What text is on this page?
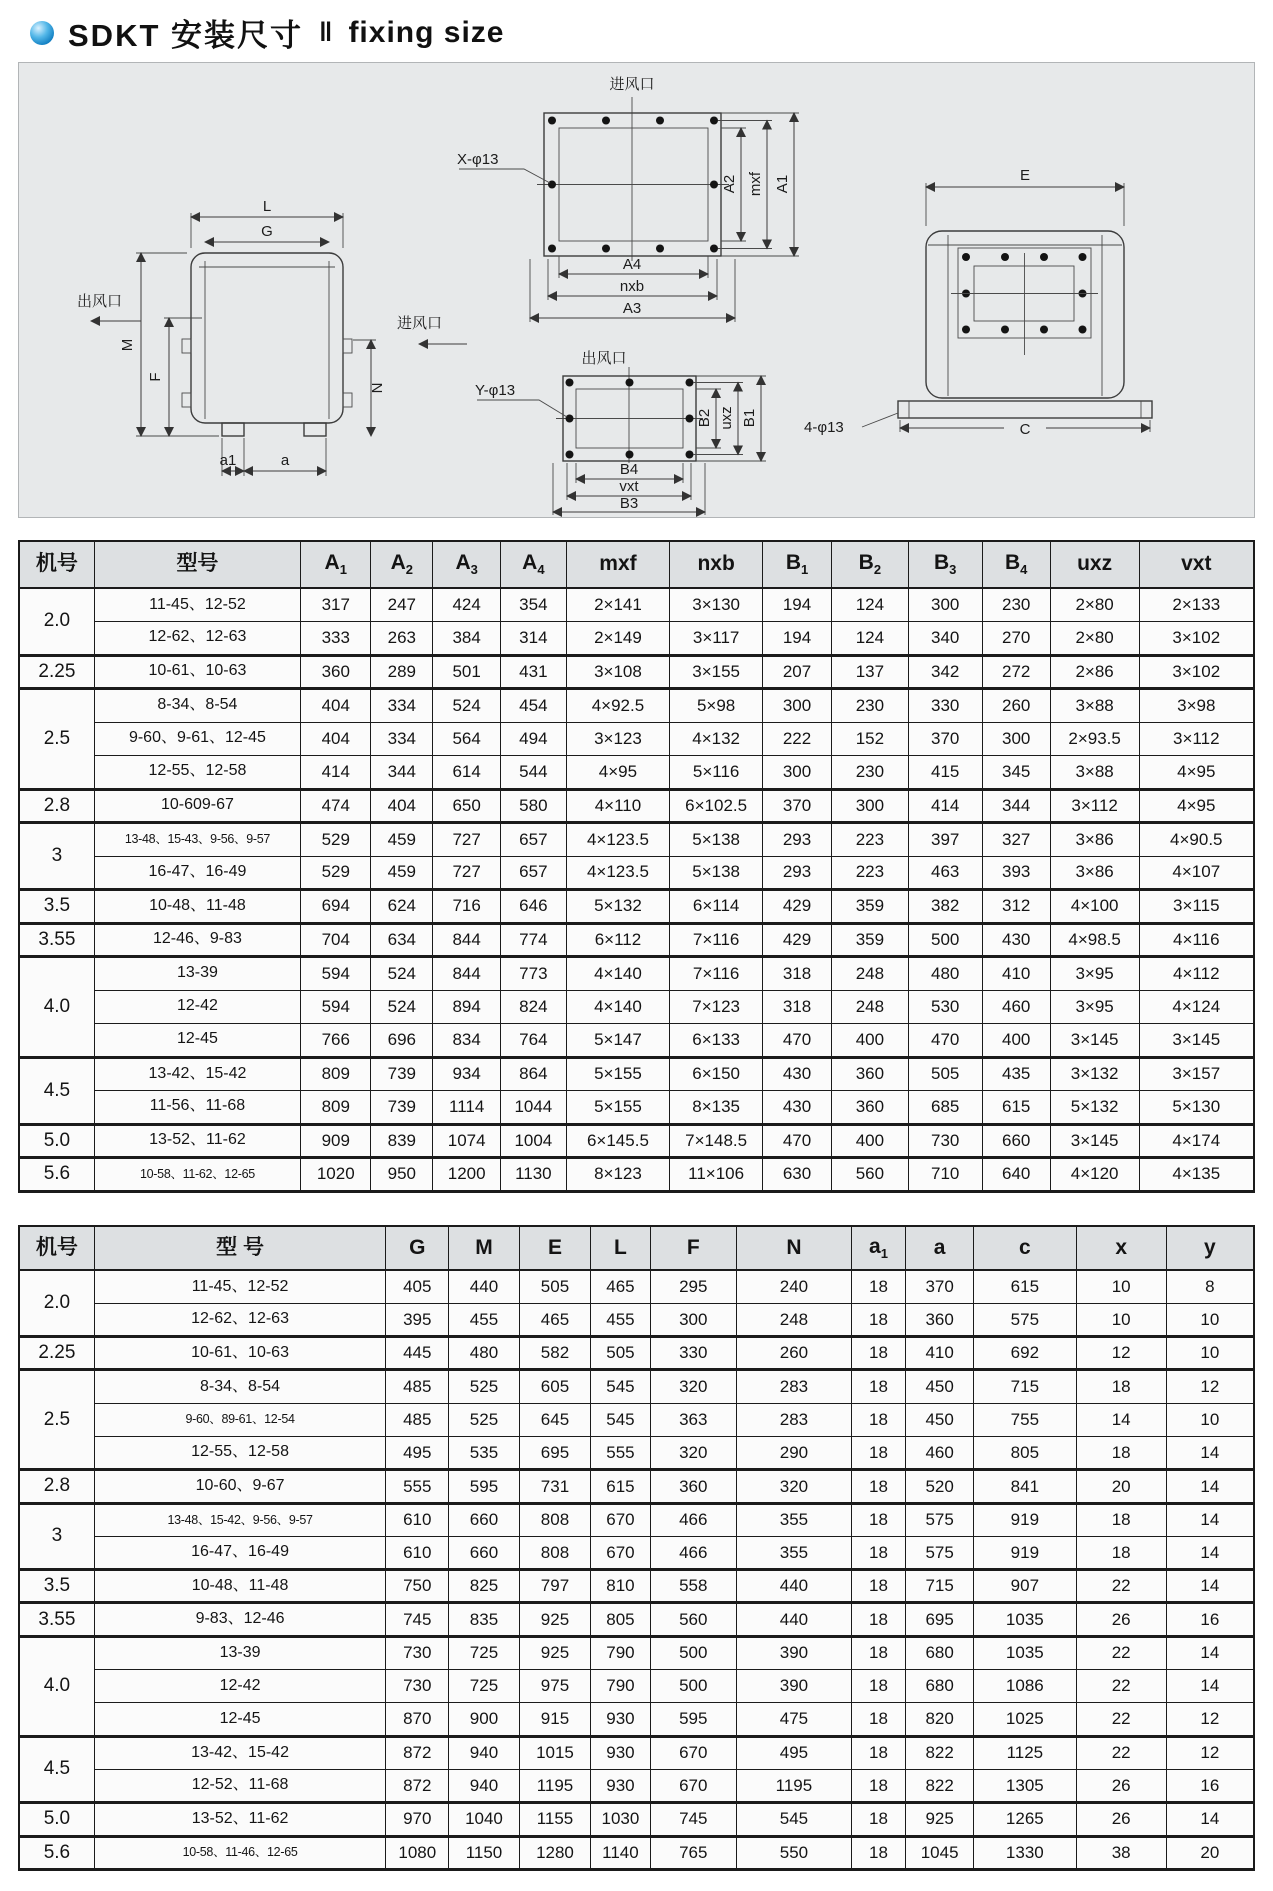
SDKT 安装尺寸 ‖ fixing size
L
G
M
F
N
出风口
进风口
a1	a
进风口
X-φ13
A2 mxf A1
A4
nxb
A3
出风口
Y-φ13
B2 uxz B1
B4
vxt
B3
E
C
4-φ13
机号	型号	$A_1$	$A_2$	$A_3$	$A_4$	mxf	nxb	$B_1$	$B_2$	$B_3$	$B_4$	uxz	vxt
2.0	11-45、12-52	317	247	424	354	2×141	3×130	194	124	300	230	2×80	2×133
	12-62、12-63	333	263	384	314	2×149	3×117	194	124	340	270	2×80	3×102
2.25	10-61、10-63	360	289	501	431	3×108	3×155	207	137	342	272	2×86	3×102
2.5	8-34、8-54	404	334	524	454	4×92.5	5×98	300	230	330	260	3×88	3×98
	9-60、9-61、12-45	404	334	564	494	3×123	4×132	222	152	370	300	2×93.5	3×112
	12-55、12-58	414	344	614	544	4×95	5×116	300	230	415	345	3×88	4×95
2.8	10-609-67	474	404	650	580	4×110	6×102.5	370	300	414	344	3×112	4×95
3	13-48、15-43、9-56、9-57	529	459	727	657	4×123.5	5×138	293	223	397	327	3×86	4×90.5
	16-47、16-49	529	459	727	657	4×123.5	5×138	293	223	463	393	3×86	4×107
3.5	10-48、11-48	694	624	716	646	5×132	6×114	429	359	382	312	4×100	3×115
3.55	12-46、9-83	704	634	844	774	6×112	7×116	429	359	500	430	4×98.5	4×116
4.0	13-39	594	524	844	773	4×140	7×116	318	248	480	410	3×95	4×112
	12-42	594	524	894	824	4×140	7×123	318	248	530	460	3×95	4×124
	12-45	766	696	834	764	5×147	6×133	470	400	470	400	3×145	3×145
4.5	13-42、15-42	809	739	934	864	5×155	6×150	430	360	505	435	3×132	3×157
	11-56、11-68	809	739	1114	1044	5×155	8×135	430	360	685	615	5×132	5×130
5.0	13-52、11-62	909	839	1074	1004	6×145.5	7×148.5	470	400	730	660	3×145	4×174
5.6	10-58、11-62、12-65	1020	950	1200	1130	8×123	11×106	630	560	710	640	4×120	4×135
机号	型 号	G	M	E	L	F	N	$a_1$	a	c	x	y
2.0	11-45、12-52	405	440	505	465	295	240	18	370	615	10	8
	12-62、12-63	395	455	465	455	300	248	18	360	575	10	10
2.25	10-61、10-63	445	480	582	505	330	260	18	410	692	12	10
2.5	8-34、8-54	485	525	605	545	320	283	18	450	715	18	12
	9-60、89-61、12-54	485	525	645	545	363	283	18	450	755	14	10
	12-55、12-58	495	535	695	555	320	290	18	460	805	18	14
2.8	10-60、9-67	555	595	731	615	360	320	18	520	841	20	14
3	13-48、15-42、9-56、9-57	610	660	808	670	466	355	18	575	919	18	14
	16-47、16-49	610	660	808	670	466	355	18	575	919	18	14
3.5	10-48、11-48	750	825	797	810	558	440	18	715	907	22	14
3.55	9-83、12-46	745	835	925	805	560	440	18	695	1035	26	16
4.0	13-39	730	725	925	790	500	390	18	680	1035	22	14
	12-42	730	725	975	790	500	390	18	680	1086	22	14
	12-45	870	900	915	930	595	475	18	820	1025	22	12
4.5	13-42、15-42	872	940	1015	930	670	495	18	822	1125	22	12
	12-52、11-68	872	940	1195	930	670	1195	18	822	1305	26	16
5.0	13-52、11-62	970	1040	1155	1030	745	545	18	925	1265	26	14
5.6	10-58、11-46、12-65	1080	1150	1280	1140	765	550	18	1045	1330	38	20
